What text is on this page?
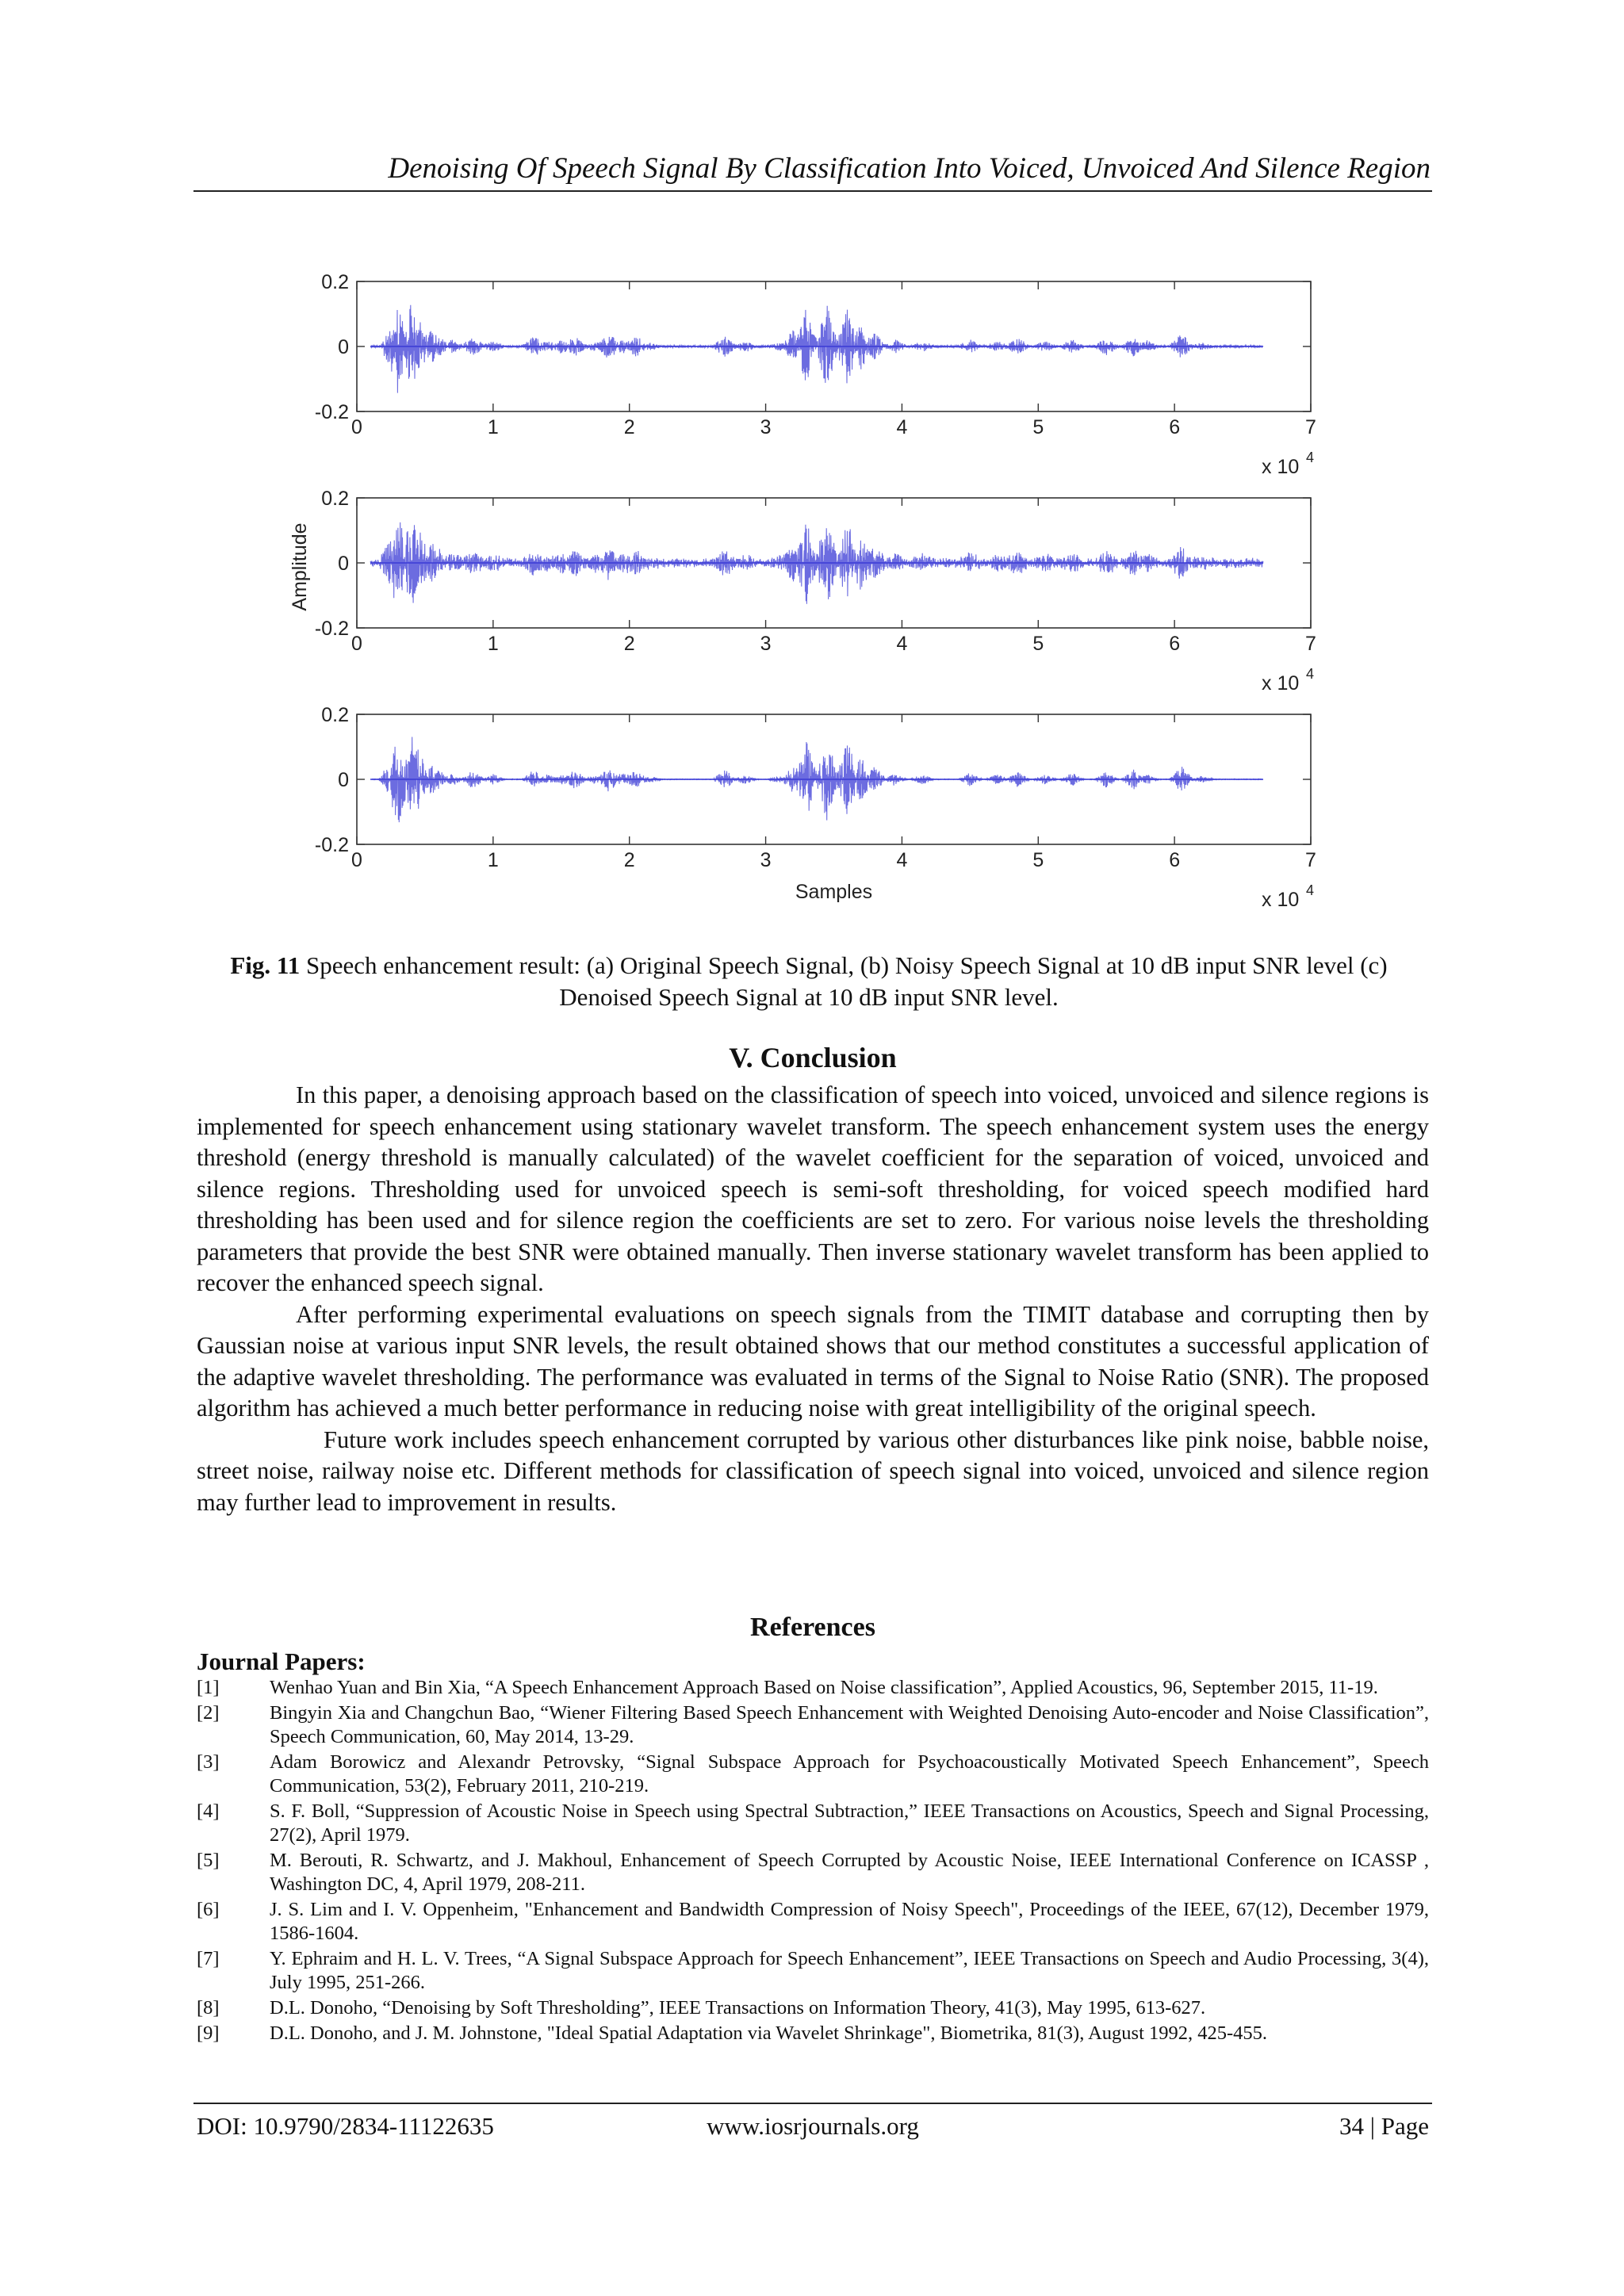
Denoising Of Speech Signal By Classification Into Voiced, Unvoiced And Silence Region
0	1	2	3	4	5	6	7
0.2
0
-0.2
x 10 4
0	1	2	3	4	5	6	7
0.2
0
-0.2
x 10 4
0	1	2	3	4	5	6	7
0.2
0
-0.2
x 10 4
Amplitude
Samples
Fig. 11 Speech enhancement result: (a) Original Speech Signal, (b) Noisy Speech Signal at 10 dB input SNR level (c) Denoised Speech Signal at 10 dB input SNR level.
V. Conclusion

In this paper, a denoising approach based on the classification of speech into voiced, unvoiced and silence regions is implemented for speech enhancement using stationary wavelet transform. The speech enhancement system uses the energy threshold (energy threshold is manually calculated) of the wavelet coefficient for the separation of voiced, unvoiced and silence regions. Thresholding used for unvoiced speech is semi-soft thresholding, for voiced speech modified hard thresholding has been used and for silence region the coefficients are set to zero. For various noise levels the thresholding parameters that provide the best SNR were obtained manually. Then inverse stationary wavelet transform has been applied to recover the enhanced speech signal.

After performing experimental evaluations on speech signals from the TIMIT database and corrupting then by Gaussian noise at various input SNR levels, the result obtained shows that our method constitutes a successful application of the adaptive wavelet thresholding. The performance was evaluated in terms of the Signal to Noise Ratio (SNR). The proposed algorithm has achieved a much better performance in reducing noise with great intelligibility of the original speech.

Future work includes speech enhancement corrupted by various other disturbances like pink noise, babble noise, street noise, railway noise etc. Different methods for classification of speech signal into voiced, unvoiced and silence region may further lead to improvement in results.

References
Journal Papers:
[1]	Wenhao Yuan and Bin Xia, “A Speech Enhancement Approach Based on Noise classification”, Applied Acoustics, 96, September 2015, 11-19.
[2]	Bingyin Xia and Changchun Bao, “Wiener Filtering Based Speech Enhancement with Weighted Denoising Auto-encoder and Noise Classification”, Speech Communication, 60, May 2014, 13-29.
[3]	Adam Borowicz and Alexandr Petrovsky, “Signal Subspace Approach for Psychoacoustically Motivated Speech Enhancement”, Speech Communication, 53(2), February 2011, 210-219.
[4]	S. F. Boll, “Suppression of Acoustic Noise in Speech using Spectral Subtraction,” IEEE Transactions on Acoustics, Speech and Signal Processing, 27(2), April 1979.
[5]	M. Berouti, R. Schwartz, and J. Makhoul, Enhancement of Speech Corrupted by Acoustic Noise, IEEE International Conference on ICASSP , Washington DC, 4, April 1979, 208-211.
[6]	J. S. Lim and I. V. Oppenheim, "Enhancement and Bandwidth Compression of Noisy Speech", Proceedings of the IEEE, 67(12), December 1979, 1586-1604.
[7]	Y. Ephraim and H. L. V. Trees, “A Signal Subspace Approach for Speech Enhancement”, IEEE Transactions on Speech and Audio Processing, 3(4), July 1995, 251-266.
[8]	D.L. Donoho, “Denoising by Soft Thresholding”, IEEE Transactions on Information Theory, 41(3), May 1995, 613-627.
[9]	D.L. Donoho, and J. M. Johnstone, "Ideal Spatial Adaptation via Wavelet Shrinkage", Biometrika, 81(3), August 1992, 425-455.
DOI: 10.9790/2834-11122635	www.iosrjournals.org	34 | Page
